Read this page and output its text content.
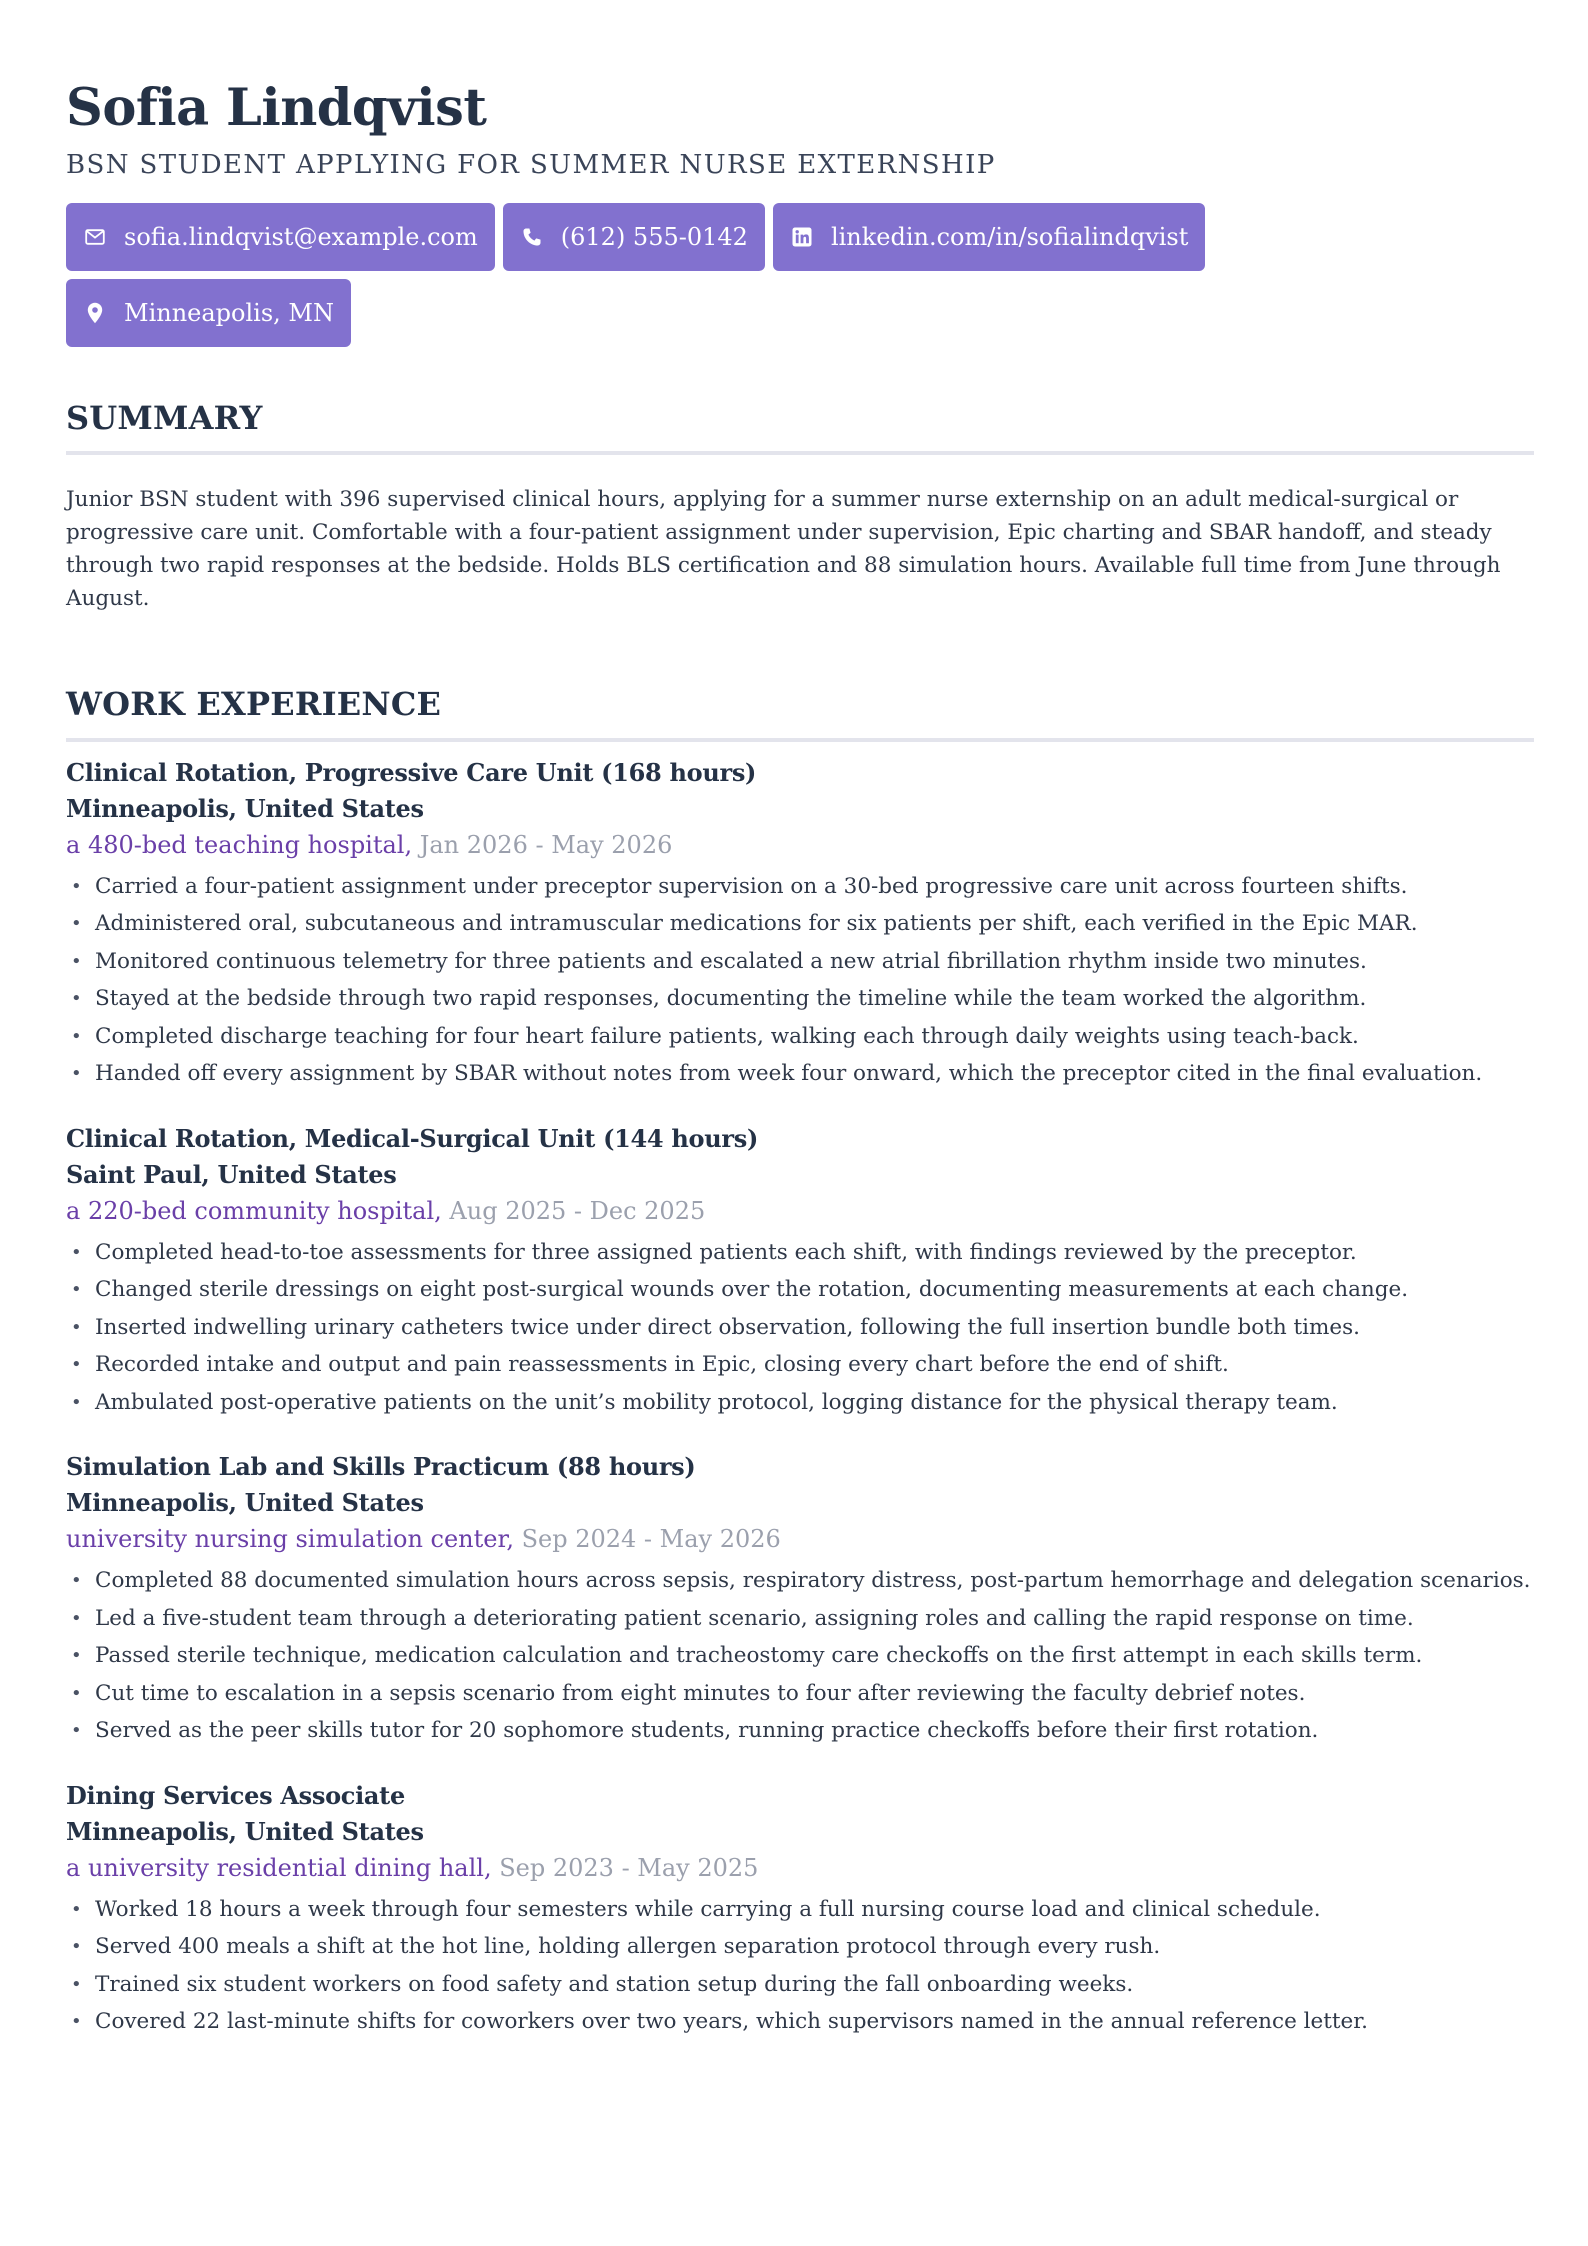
Sofia Lindqvist
BSN STUDENT APPLYING FOR SUMMER NURSE EXTERNSHIP
sofia.lindqvist@example.com	(612) 555-0142	linkedin.com/in/sofialindqvist
Minneapolis, MN
SUMMARY

Junior BSN student with 396 supervised clinical hours, applying for a summer nurse externship on an adult medical-surgical or progressive care unit. Comfortable with a four-patient assignment under supervision, Epic charting and SBAR handoff, and steady through two rapid responses at the bedside. Holds BLS certification and 88 simulation hours. Available full time from June through August.

WORK EXPERIENCE
Clinical Rotation, Progressive Care Unit (168 hours)
Minneapolis, United States
a 480-bed teaching hospital, Jan 2026 - May 2026
• Carried a four-patient assignment under preceptor supervision on a 30-bed progressive care unit across fourteen shifts.
• Administered oral, subcutaneous and intramuscular medications for six patients per shift, each verified in the Epic MAR.
• Monitored continuous telemetry for three patients and escalated a new atrial fibrillation rhythm inside two minutes.
• Stayed at the bedside through two rapid responses, documenting the timeline while the team worked the algorithm.
• Completed discharge teaching for four heart failure patients, walking each through daily weights using teach-back.
• Handed off every assignment by SBAR without notes from week four onward, which the preceptor cited in the final evaluation.
Clinical Rotation, Medical-Surgical Unit (144 hours)
Saint Paul, United States
a 220-bed community hospital, Aug 2025 - Dec 2025
• Completed head-to-toe assessments for three assigned patients each shift, with findings reviewed by the preceptor.
• Changed sterile dressings on eight post-surgical wounds over the rotation, documenting measurements at each change.
• Inserted indwelling urinary catheters twice under direct observation, following the full insertion bundle both times.
• Recorded intake and output and pain reassessments in Epic, closing every chart before the end of shift.
• Ambulated post-operative patients on the unit’s mobility protocol, logging distance for the physical therapy team.
Simulation Lab and Skills Practicum (88 hours)
Minneapolis, United States
university nursing simulation center, Sep 2024 - May 2026
• Completed 88 documented simulation hours across sepsis, respiratory distress, post-partum hemorrhage and delegation scenarios.
• Led a five-student team through a deteriorating patient scenario, assigning roles and calling the rapid response on time.
• Passed sterile technique, medication calculation and tracheostomy care checkoffs on the first attempt in each skills term.
• Cut time to escalation in a sepsis scenario from eight minutes to four after reviewing the faculty debrief notes.
• Served as the peer skills tutor for 20 sophomore students, running practice checkoffs before their first rotation.
Dining Services Associate
Minneapolis, United States
a university residential dining hall, Sep 2023 - May 2025
• Worked 18 hours a week through four semesters while carrying a full nursing course load and clinical schedule.
• Served 400 meals a shift at the hot line, holding allergen separation protocol through every rush.
• Trained six student workers on food safety and station setup during the fall onboarding weeks.
• Covered 22 last-minute shifts for coworkers over two years, which supervisors named in the annual reference letter.
